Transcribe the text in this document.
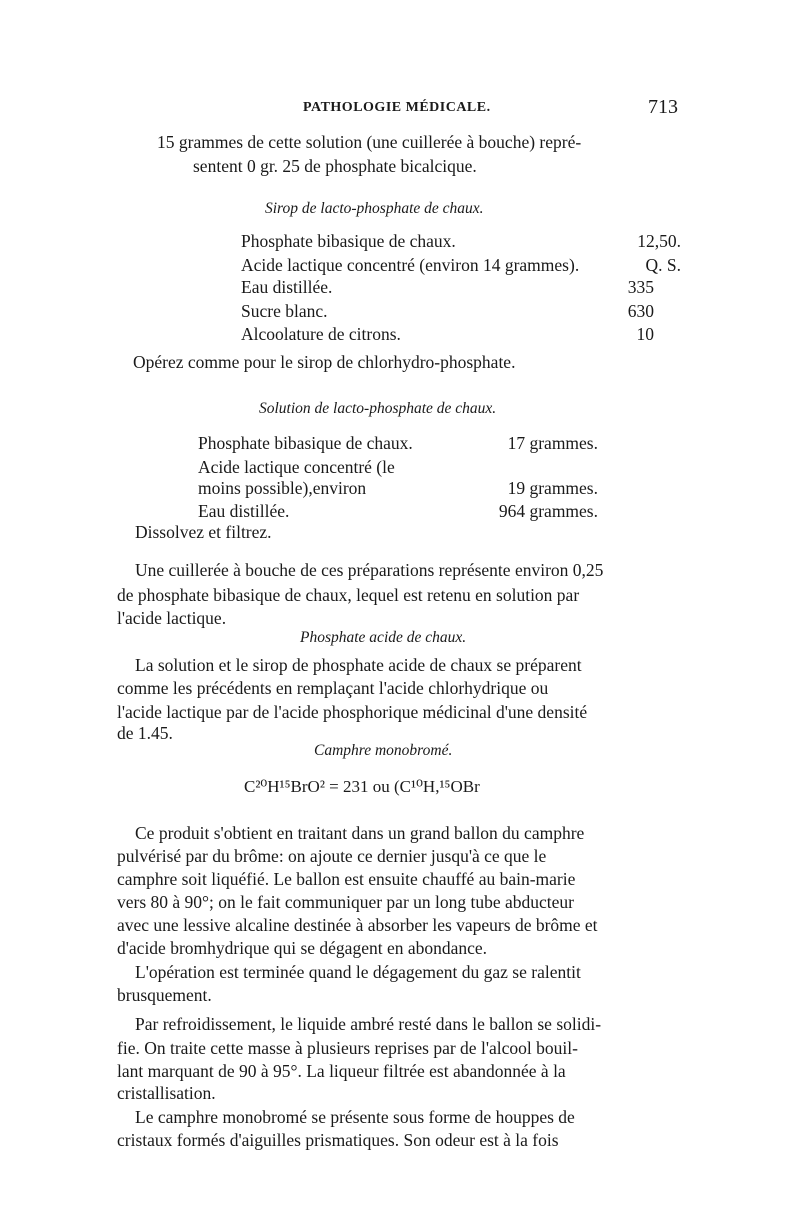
PATHOLOGIE MÉDICALE.	713
15 grammes de cette solution (une cuillerée à bouche) repré-
sentent 0 gr. 25 de phosphate bicalcique.
Sirop de lacto-phosphate de chaux.
Phosphate bibasique de chaux.	12,50.
Acide lactique concentré (environ 14 grammes).	Q. S.
Eau distillée.	335
Sucre blanc.	630
Alcoolature de citrons.	10
Opérez comme pour le sirop de chlorhydro-phosphate.
Solution de lacto-phosphate de chaux.
Phosphate bibasique de chaux.	17 grammes.
Acide lactique concentré (le
moins possible),environ	19 grammes.
Eau distillée.	964 grammes.
Dissolvez et filtrez.
Une cuillerée à bouche de ces préparations représente environ 0,25
de phosphate bibasique de chaux, lequel est retenu en solution par
l'acide lactique.
Phosphate acide de chaux.
La solution et le sirop de phosphate acide de chaux se préparent
comme les précédents en remplaçant l'acide chlorhydrique ou
l'acide lactique par de l'acide phosphorique médicinal d'une densité
de 1.45.
Camphre monobromé.
C²⁰H¹⁵BrO² = 231 ou (C¹⁰H,¹⁵OBr
Ce produit s'obtient en traitant dans un grand ballon du camphre
pulvérisé par du brôme: on ajoute ce dernier jusqu'à ce que le
camphre soit liquéfié. Le ballon est ensuite chauffé au bain-marie
vers 80 à 90°; on le fait communiquer par un long tube abducteur
avec une lessive alcaline destinée à absorber les vapeurs de brôme et
d'acide bromhydrique qui se dégagent en abondance.
L'opération est terminée quand le dégagement du gaz se ralentit
brusquement.
Par refroidissement, le liquide ambré resté dans le ballon se solidi-
fie. On traite cette masse à plusieurs reprises par de l'alcool bouil-
lant marquant de 90 à 95°. La liqueur filtrée est abandonnée à la
cristallisation.
Le camphre monobromé se présente sous forme de houppes de
cristaux formés d'aiguilles prismatiques. Son odeur est à la fois
